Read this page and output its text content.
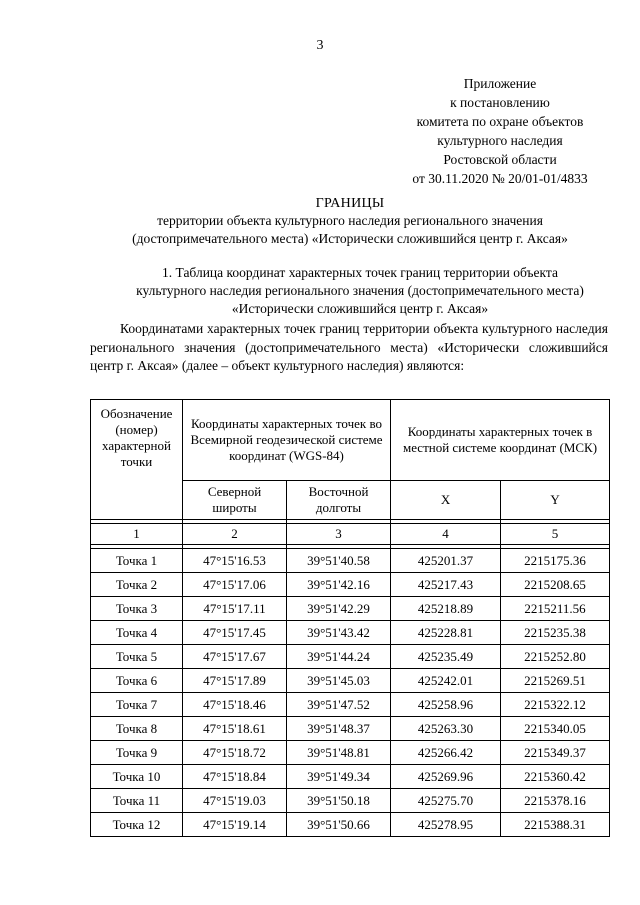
3
Приложение
к постановлению
комитета по охране объектов
культурного наследия
Ростовской области
от 30.11.2020 № 20/01-01/4833
ГРАНИЦЫ
территории объекта культурного наследия регионального значения
(достопримечательного места) «Исторически сложившийся центр г. Аксая»
1. Таблица координат характерных точек границ территории объекта
культурного наследия регионального значения (достопримечательного места)
«Исторически сложившийся центр г. Аксая»
Координатами характерных точек границ территории объекта культурного наследия регионального значения (достопримечательного места) «Исторически сложившийся центр г. Аксая» (далее – объект культурного наследия) являются:
Обозначение (номер) характерной точки	Координаты характерных точек во Всемирной геодезической системе координат (WGS-84)		Координаты характерных точек в местной системе координат (МСК)	
	Северной широты	Восточной долготы	X	Y

1	2	3	4	5

Точка 1	47°15'16.53	39°51'40.58	425201.37	2215175.36
Точка 2	47°15'17.06	39°51'42.16	425217.43	2215208.65
Точка 3	47°15'17.11	39°51'42.29	425218.89	2215211.56
Точка 4	47°15'17.45	39°51'43.42	425228.81	2215235.38
Точка 5	47°15'17.67	39°51'44.24	425235.49	2215252.80
Точка 6	47°15'17.89	39°51'45.03	425242.01	2215269.51
Точка 7	47°15'18.46	39°51'47.52	425258.96	2215322.12
Точка 8	47°15'18.61	39°51'48.37	425263.30	2215340.05
Точка 9	47°15'18.72	39°51'48.81	425266.42	2215349.37
Точка 10	47°15'18.84	39°51'49.34	425269.96	2215360.42
Точка 11	47°15'19.03	39°51'50.18	425275.70	2215378.16
Точка 12	47°15'19.14	39°51'50.66	425278.95	2215388.31
